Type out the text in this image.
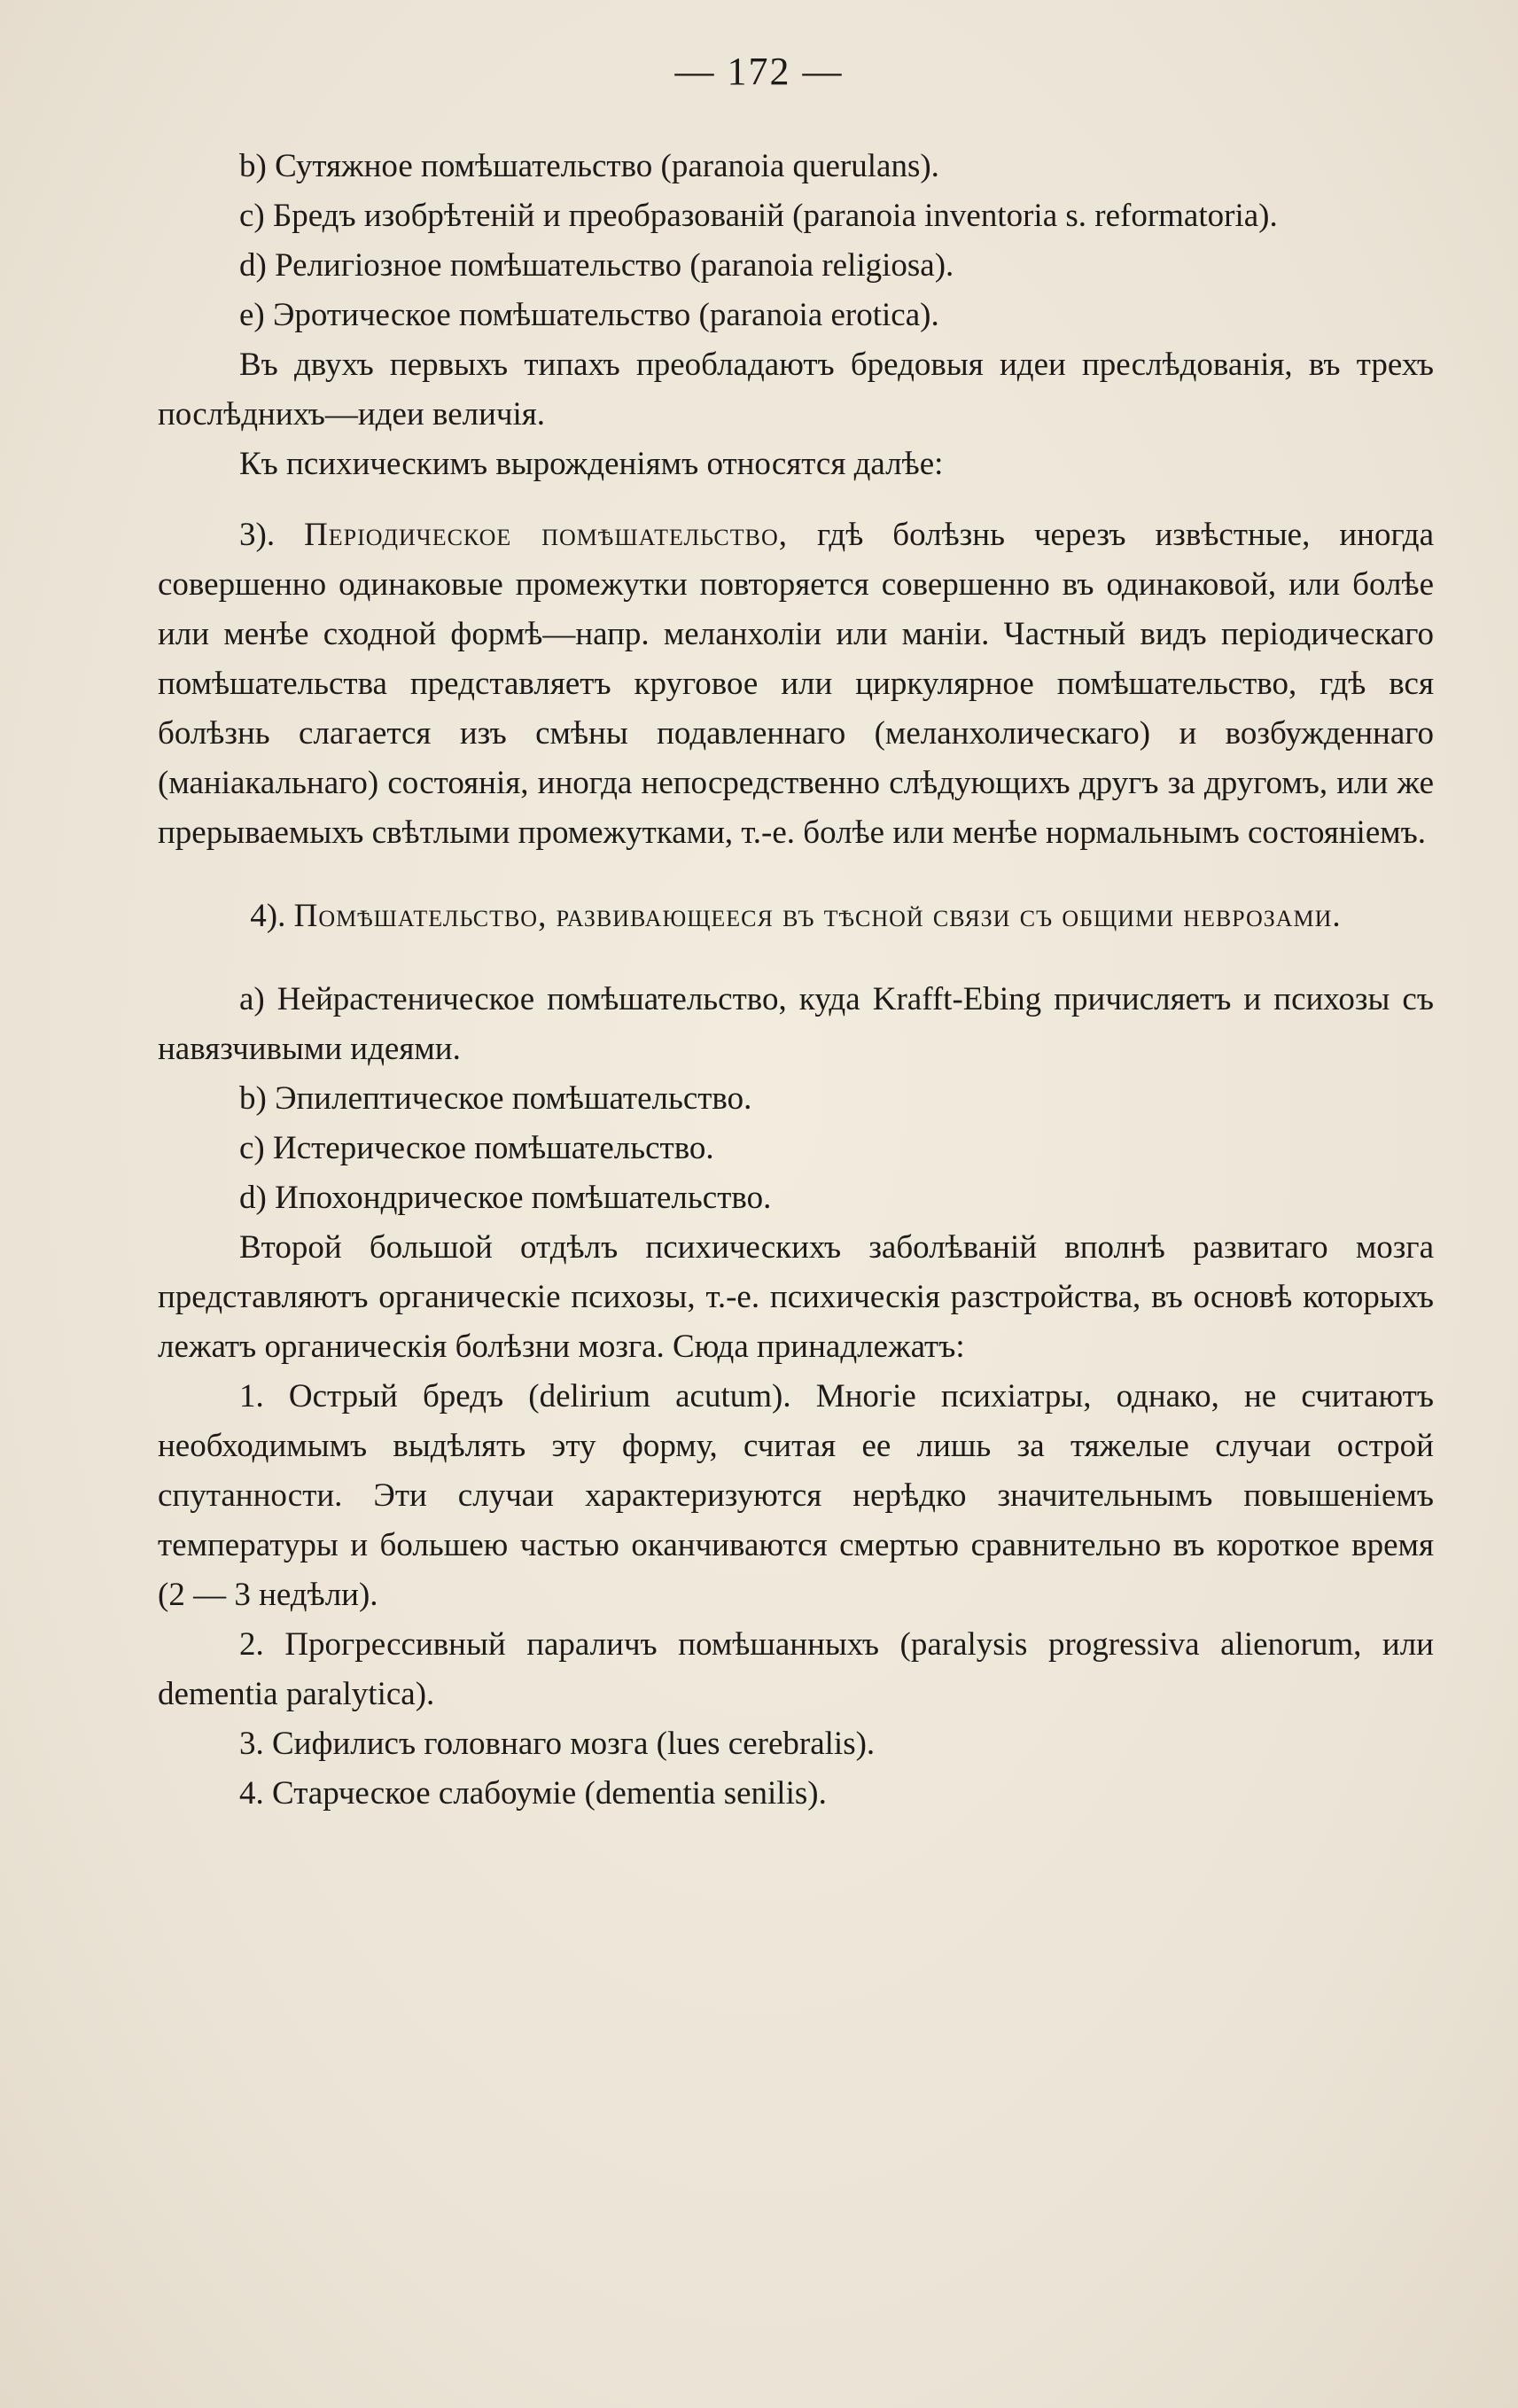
— 172 —

b) Сутяжное помѣшательство (paranoia querulans).

c) Бредъ изобрѣтеній и преобразованій (paranoia inventoria s. reformatoria).

d) Религіозное помѣшательство (paranoia religiosa).

e) Эротическое помѣшательство (paranoia erotica).

Въ двухъ первыхъ типахъ преобладаютъ бредовыя идеи преслѣдованія, въ трехъ послѣднихъ—идеи величія.

Къ психическимъ вырожденіямъ относятся далѣе:

3). Періодическое помѣшательство, гдѣ болѣзнь черезъ извѣстные, иногда совершенно одинаковые промежутки повторяется совершенно въ одинаковой, или болѣе или менѣе сходной формѣ—напр. меланхоліи или маніи. Частный видъ періодическаго помѣшательства представляетъ круговое или циркулярное помѣшательство, гдѣ вся болѣзнь слагается изъ смѣны подавленнаго (меланхолическаго) и возбужденнаго (маніакальнаго) состоянія, иногда непосредственно слѣдующихъ другъ за другомъ, или же прерываемыхъ свѣтлыми промежутками, т.-е. болѣе или менѣе нормальнымъ состояніемъ.

4). Помѣшательство, развивающееся въ тѣсной связи съ общими неврозами.

a) Нейрастеническое помѣшательство, куда Krafft-Ebing причисляетъ и психозы съ навязчивыми идеями.

b) Эпилептическое помѣшательство.

c) Истерическое помѣшательство.

d) Ипохондрическое помѣшательство.

Второй большой отдѣлъ психическихъ заболѣваній вполнѣ развитаго мозга представляютъ органическіе психозы, т.-е. психическія разстройства, въ основѣ которыхъ лежатъ органическія болѣзни мозга. Сюда принадлежатъ:

1. Острый бредъ (delirium acutum). Многіе психіатры, однако, не считаютъ необходимымъ выдѣлять эту форму, считая ее лишь за тяжелые случаи острой спутанности. Эти случаи характеризуются нерѣдко значительнымъ повышеніемъ температуры и большею частью оканчиваются смертью сравнительно въ короткое время (2 — 3 недѣли).

2. Прогрессивный параличъ помѣшанныхъ (paralysis progressiva alienorum, или dementia paralytica).

3. Сифилисъ головнаго мозга (lues cerebralis).

4. Старческое слабоуміе (dementia senilis).
